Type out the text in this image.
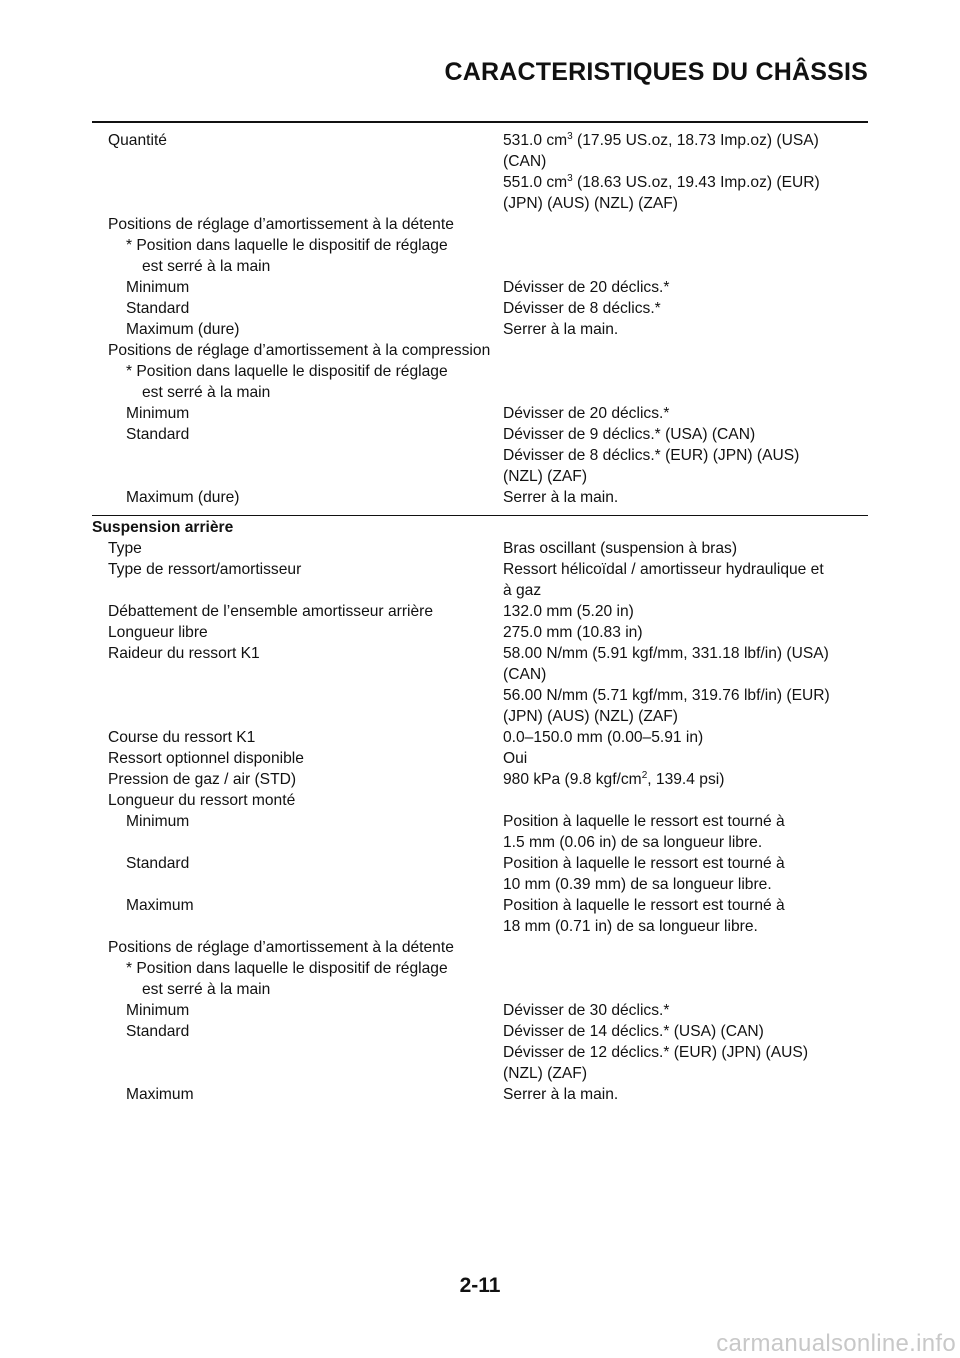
CARACTERISTIQUES DU CHÂSSIS
Quantité	531.0 $cm^3$ (17.95 US.oz, 18.73 Imp.oz) (USA)
(CAN)
551.0 $cm^3$ (18.63 US.oz, 19.43 Imp.oz) (EUR)
(JPN) (AUS) (NZL) (ZAF)
Positions de réglage d’amortissement à la détente
* Position dans laquelle le dispositif de réglage
est serré à la main
Minimum	Dévisser de 20 déclics.*
Standard	Dévisser de 8 déclics.*
Maximum (dure)	Serrer à la main.
Positions de réglage d’amortissement à la compression
* Position dans laquelle le dispositif de réglage
est serré à la main
Minimum	Dévisser de 20 déclics.*
Standard	Dévisser de 9 déclics.* (USA) (CAN)
Dévisser de 8 déclics.* (EUR) (JPN) (AUS)
(NZL) (ZAF)
Maximum (dure)	Serrer à la main.
Suspension arrière
Type	Bras oscillant (suspension à bras)
Type de ressort/amortisseur	Ressort hélicoïdal / amortisseur hydraulique et
à gaz
Débattement de l’ensemble amortisseur arrière	132.0 mm (5.20 in)
Longueur libre	275.0 mm (10.83 in)
Raideur du ressort K1	58.00 N/mm (5.91 kgf/mm, 331.18 lbf/in) (USA)
(CAN)
56.00 N/mm (5.71 kgf/mm, 319.76 lbf/in) (EUR)
(JPN) (AUS) (NZL) (ZAF)
Course du ressort K1	0.0–150.0 mm (0.00–5.91 in)
Ressort optionnel disponible	Oui
Pression de gaz / air (STD)	980 kPa (9.8 kgf/$cm^2$, 139.4 psi)
Longueur du ressort monté
Minimum	Position à laquelle le ressort est tourné à
1.5 mm (0.06 in) de sa longueur libre.
Standard	Position à laquelle le ressort est tourné à
10 mm (0.39 mm) de sa longueur libre.
Maximum	Position à laquelle le ressort est tourné à
18 mm (0.71 in) de sa longueur libre.
Positions de réglage d’amortissement à la détente
* Position dans laquelle le dispositif de réglage
est serré à la main
Minimum	Dévisser de 30 déclics.*
Standard	Dévisser de 14 déclics.* (USA) (CAN)
Dévisser de 12 déclics.* (EUR) (JPN) (AUS)
(NZL) (ZAF)
Maximum	Serrer à la main.
2-11
carmanualsonline.info
